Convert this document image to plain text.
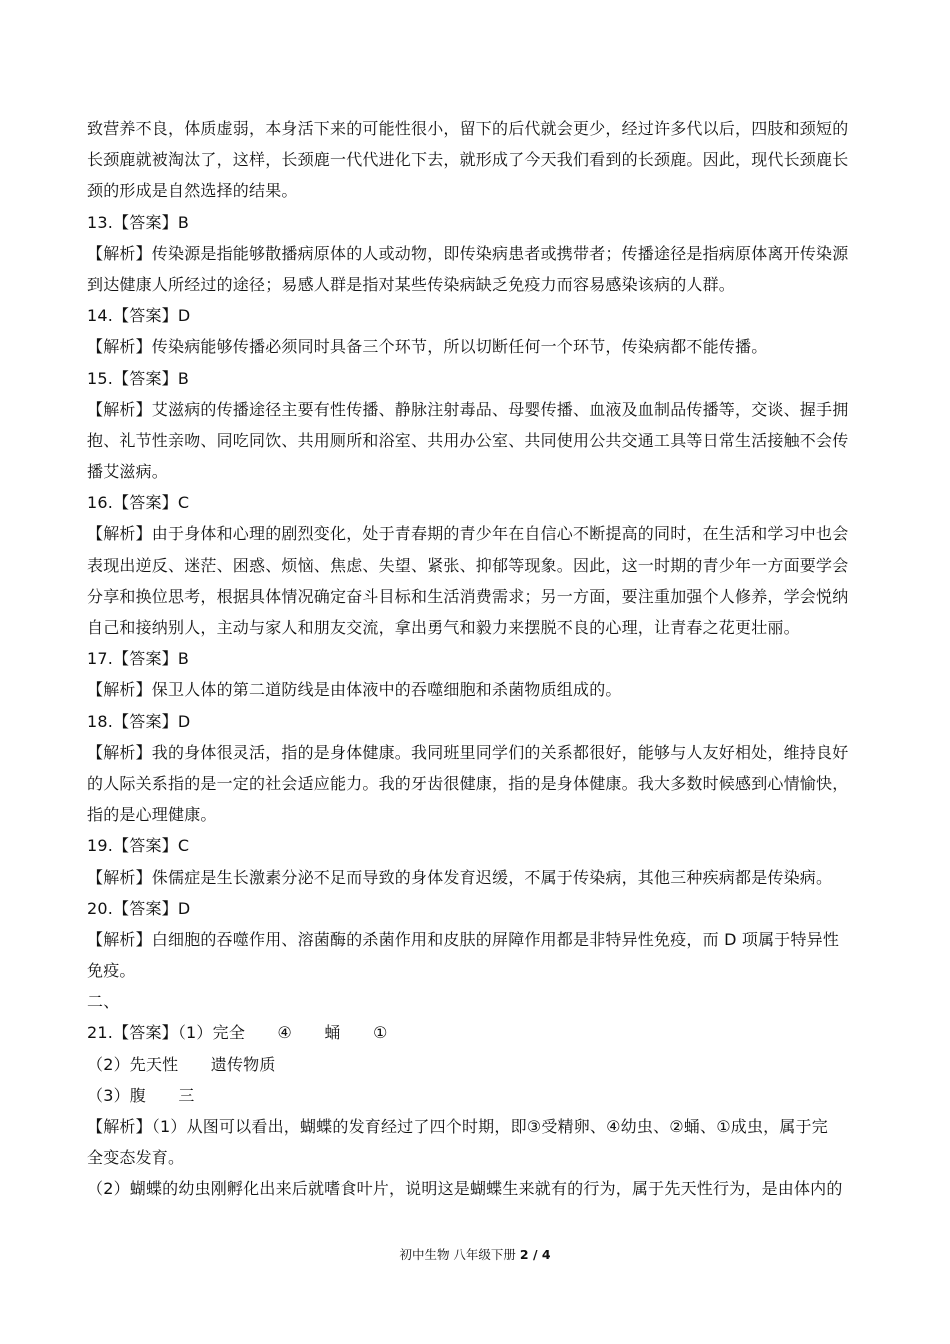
致营养不良，体质虚弱，本身活下来的可能性很小，留下的后代就会更少，经过许多代以后，四肢和颈短的
长颈鹿就被淘汰了，这样，长颈鹿一代代进化下去，就形成了今天我们看到的长颈鹿。因此，现代长颈鹿长
颈的形成是自然选择的结果。
13.【答案】B
【解析】传染源是指能够散播病原体的人或动物，即传染病患者或携带者；传播途径是指病原体离开传染源
到达健康人所经过的途径；易感人群是指对某些传染病缺乏免疫力而容易感染该病的人群。
14.【答案】D
【解析】传染病能够传播必须同时具备三个环节，所以切断任何一个环节，传染病都不能传播。
15.【答案】B
【解析】艾滋病的传播途径主要有性传播、静脉注射毒品、母婴传播、血液及血制品传播等，交谈、握手拥
抱、礼节性亲吻、同吃同饮、共用厕所和浴室、共用办公室、共同使用公共交通工具等日常生活接触不会传
播艾滋病。
16.【答案】C
【解析】由于身体和心理的剧烈变化，处于青春期的青少年在自信心不断提高的同时，在生活和学习中也会
表现出逆反、迷茫、困惑、烦恼、焦虑、失望、紧张、抑郁等现象。因此，这一时期的青少年一方面要学会
分享和换位思考，根据具体情况确定奋斗目标和生活消费需求；另一方面，要注重加强个人修养，学会悦纳
自己和接纳别人，主动与家人和朋友交流，拿出勇气和毅力来摆脱不良的心理，让青春之花更壮丽。
17.【答案】B
【解析】保卫人体的第二道防线是由体液中的吞噬细胞和杀菌物质组成的。
18.【答案】D
【解析】我的身体很灵活，指的是身体健康。我同班里同学们的关系都很好，能够与人友好相处，维持良好
的人际关系指的是一定的社会适应能力。我的牙齿很健康，指的是身体健康。我大多数时候感到心情愉快，
指的是心理健康。
19.【答案】C
【解析】侏儒症是生长激素分泌不足而导致的身体发育迟缓，不属于传染病，其他三种疾病都是传染病。
20.【答案】D
【解析】白细胞的吞噬作用、溶菌酶的杀菌作用和皮肤的屏障作用都是非特异性免疫，而 D 项属于特异性
免疫。
二、
21.【答案】（1）完全　　④　　蛹　　①
（2）先天性　　遗传物质
（3）腹　　三
【解析】（1）从图可以看出，蝴蝶的发育经过了四个时期，即③受精卵、④幼虫、②蛹、①成虫，属于完
全变态发育。
（2）蝴蝶的幼虫刚孵化出来后就嗜食叶片，说明这是蝴蝶生来就有的行为，属于先天性行为，是由体内的
初中生物 八年级下册 2 / 4
